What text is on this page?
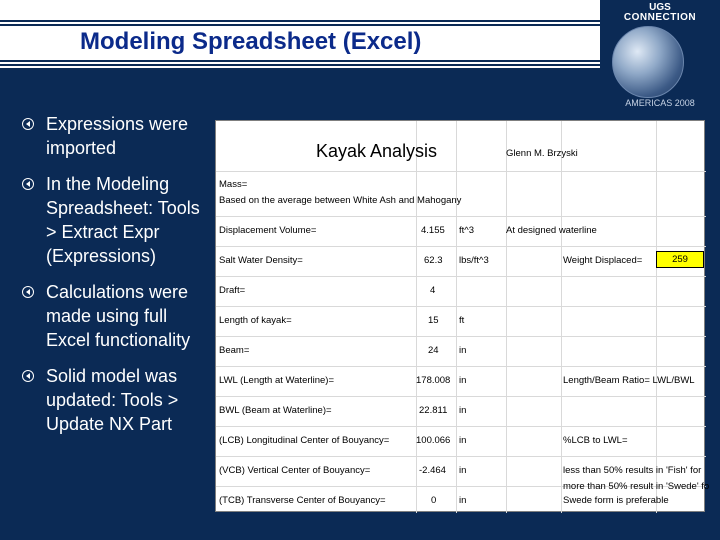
Modeling Spreadsheet (Excel)
UGS
CONNECTION
AMERICAS 2008
Expressions were imported
In the Modeling Spreadsheet: Tools > Extract Expr (Expressions)
Calculations were made using full Excel functionality
Solid model was updated: Tools > Update NX Part
Kayak Analysis	Glenn M. Brzyski
Mass=
Based on the average between White Ash and Mahogany
Displacement Volume=	4.155 ft^3	At designed waterline
Salt Water Density=	62.3 lbs/ft^3	Weight Displaced=	259
Draft=	4
Length of kayak=	15 ft
Beam=	24 in
LWL (Length at Waterline)=	178.008 in	Length/Beam Ratio= LWL/BWL
BWL (Beam at Waterline)=	22.811 in
(LCB) Longitudinal Center of Bouyancy=	100.066 in	%LCB to LWL=
(VCB) Vertical Center of Bouyancy=	-2.464 in	less than 50% results in 'Fish' for
more than 50% result in 'Swede' fo
(TCB) Transverse Center of Bouyancy=	0 in	Swede form is preferable
